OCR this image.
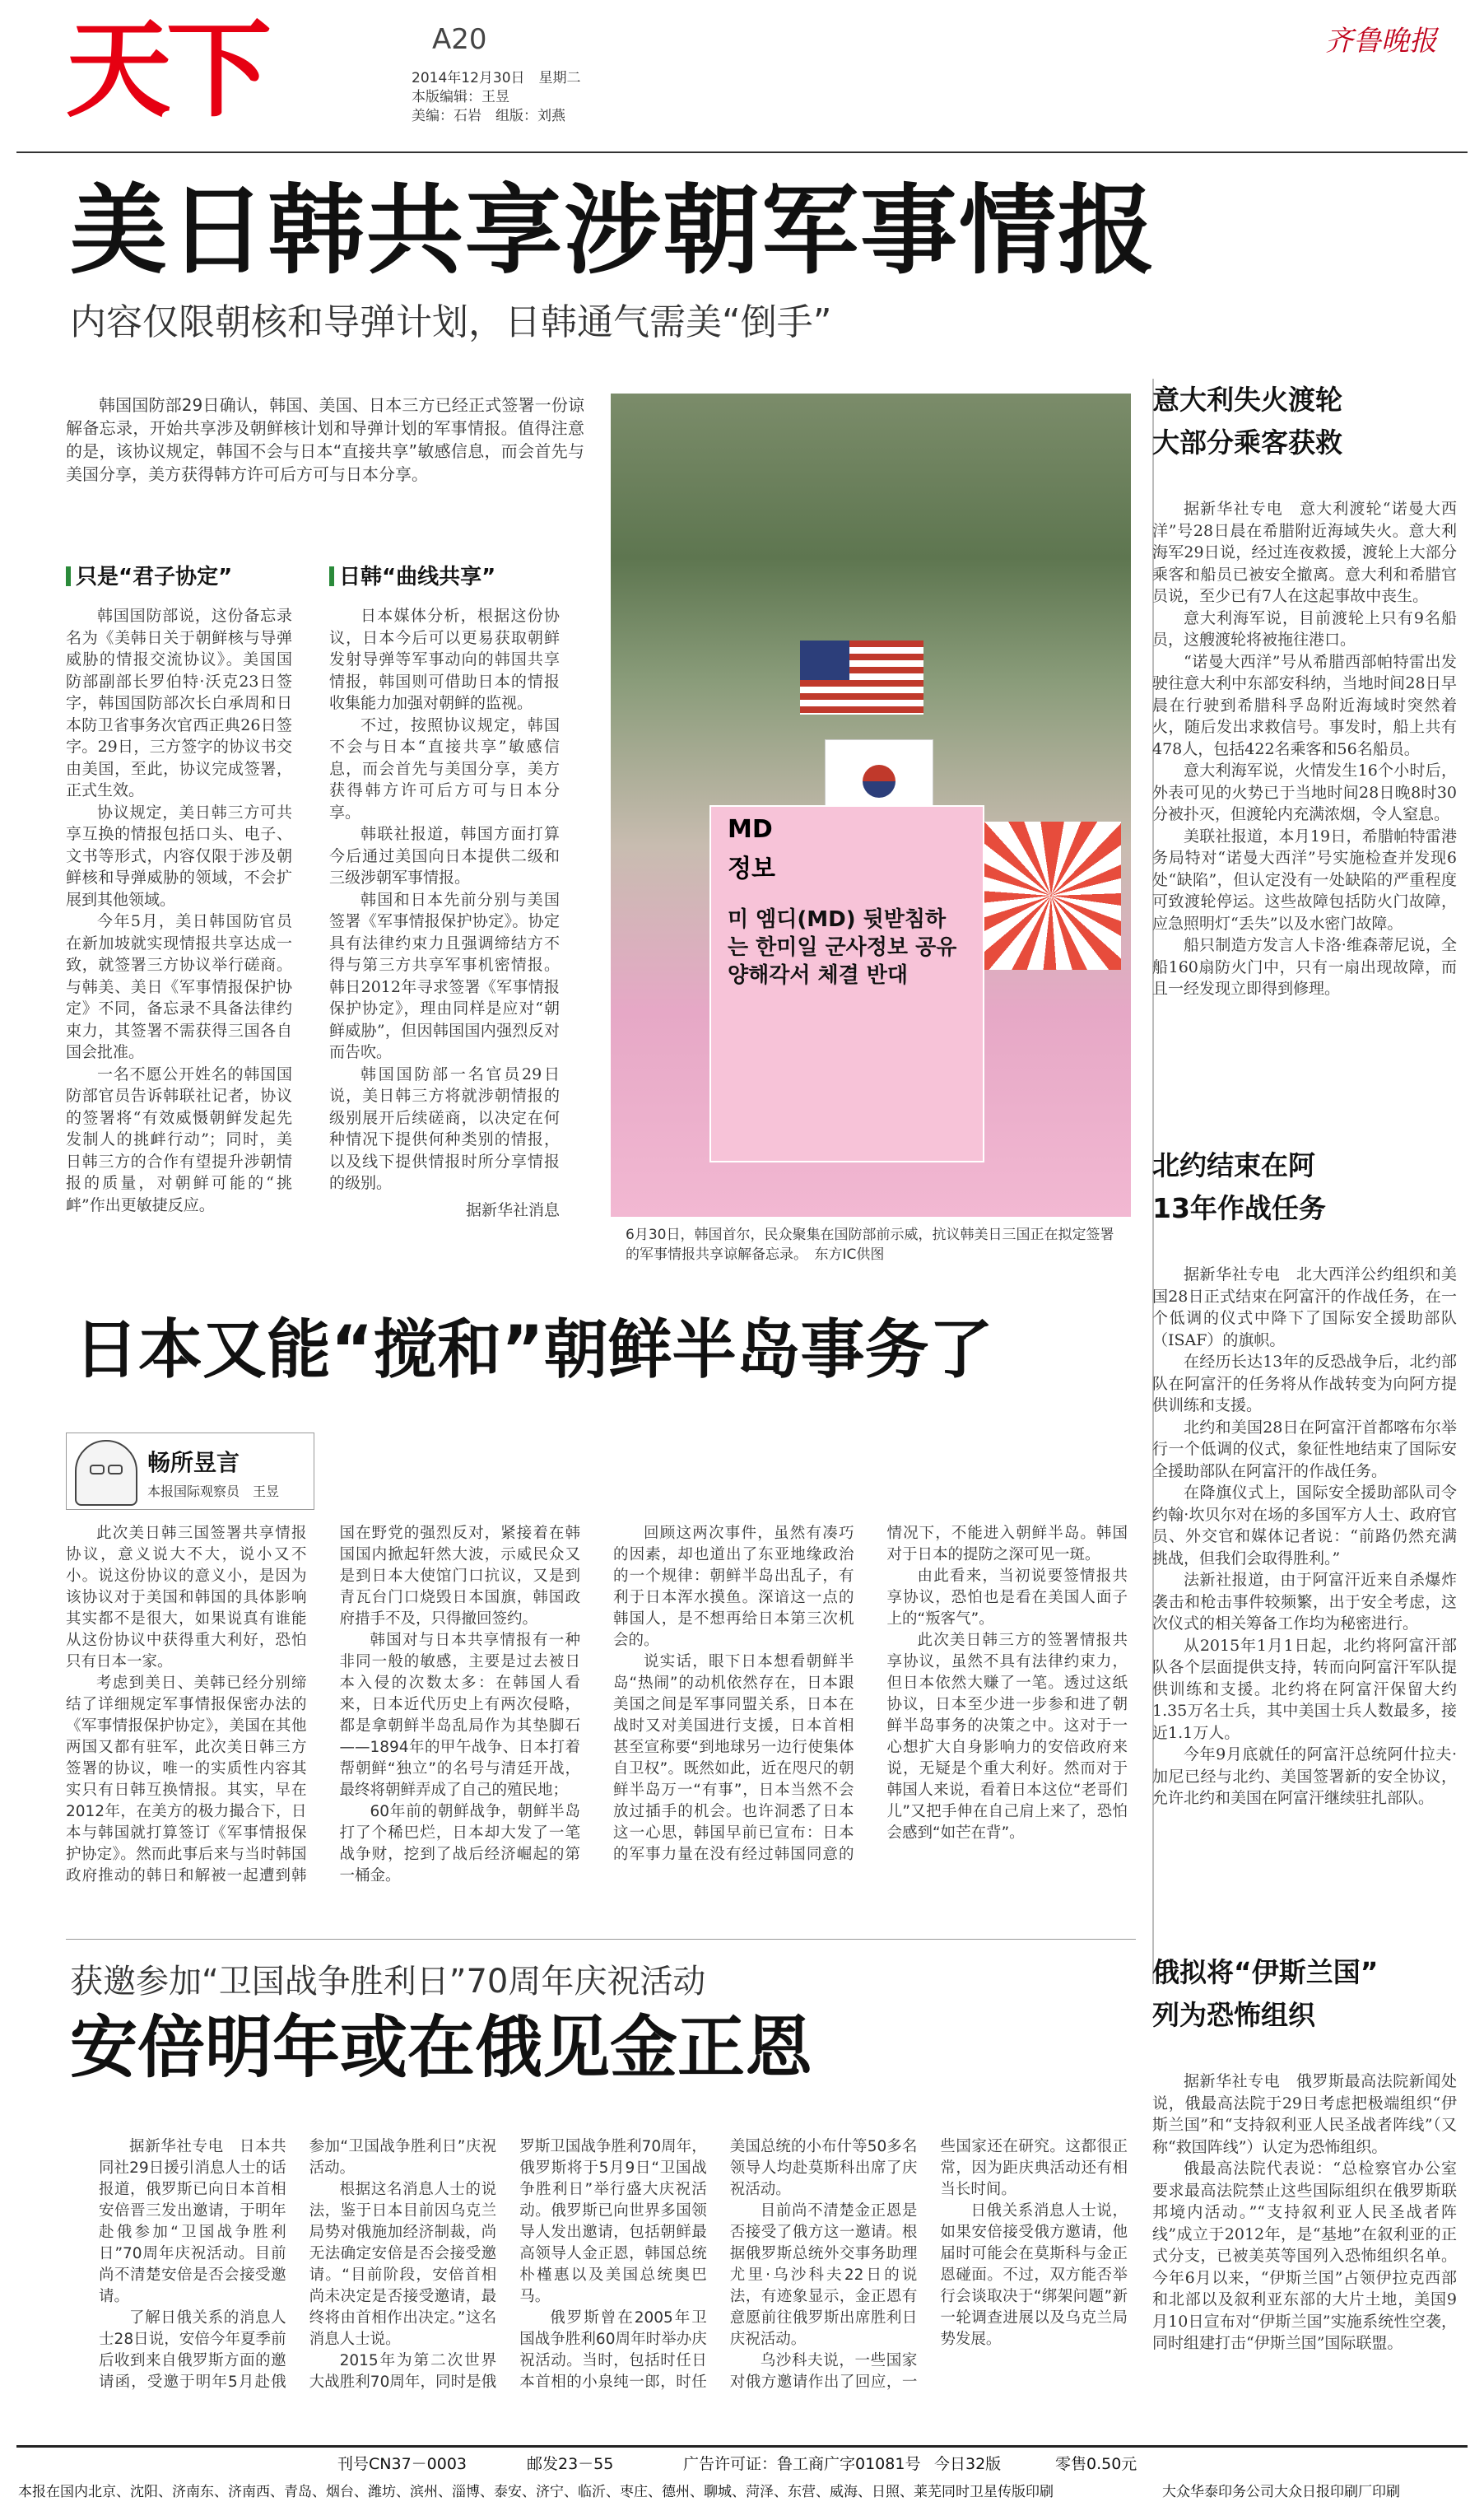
天下	A20
2014年12月30日　星期二
本版编辑：王昱
美编：石岩　组版：刘燕
齐鲁晚报
美日韩共享涉朝军事情报
内容仅限朝核和导弹计划，日韩通气需美“倒手”

韩国国防部29日确认，韩国、美国、日本三方已经正式签署一份谅解备忘录，开始共享涉及朝鲜核计划和导弹计划的军事情报。值得注意的是，该协议规定，韩国不会与日本“直接共享”敏感信息，而会首先与美国分享，美方获得韩方许可后方可与日本分享。

只是“君子协定”

韩国国防部说，这份备忘录名为《美韩日关于朝鲜核与导弹威胁的情报交流协议》。美国国防部副部长罗伯特·沃克23日签字，韩国国防部次长白承周和日本防卫省事务次官西正典26日签字。29日，三方签字的协议书交由美国，至此，协议完成签署，正式生效。

协议规定，美日韩三方可共享互换的情报包括口头、电子、文书等形式，内容仅限于涉及朝鲜核和导弹威胁的领域，不会扩展到其他领域。

今年5月，美日韩国防官员在新加坡就实现情报共享达成一致，就签署三方协议举行磋商。与韩美、美日《军事情报保护协定》不同，备忘录不具备法律约束力，其签署不需获得三国各自国会批准。

一名不愿公开姓名的韩国国防部官员告诉韩联社记者，协议的签署将“有效威慑朝鲜发起先发制人的挑衅行动”；同时，美日韩三方的合作有望提升涉朝情报的质量，对朝鲜可能的“挑衅”作出更敏捷反应。

日韩“曲线共享”

日本媒体分析，根据这份协议，日本今后可以更易获取朝鲜发射导弹等军事动向的韩国共享情报，韩国则可借助日本的情报收集能力加强对朝鲜的监视。

不过，按照协议规定，韩国不会与日本“直接共享”敏感信息，而会首先与美国分享，美方获得韩方许可后方可与日本分享。

韩联社报道，韩国方面打算今后通过美国向日本提供二级和三级涉朝军事情报。

韩国和日本先前分别与美国签署《军事情报保护协定》。协定具有法律约束力且强调缔结方不得与第三方共享军事机密情报。韩日2012年寻求签署《军事情报保护协定》，理由同样是应对“朝鲜威胁”，但因韩国国内强烈反对而告吹。

韩国国防部一名官员29日说，美日韩三方将就涉朝情报的级别展开后续磋商，以决定在何种情况下提供何种类别的情报，以及线下提供情报时所分享情报的级别。

据新华社消息
MD
정보
미 엠디(MD) 뒷받침하는 한미일 군사정보 공유 양해각서 체결 반대
6月30日，韩国首尔，民众聚集在国防部前示威，抗议韩美日三国正在拟定签署的军事情报共享谅解备忘录。　东方IC供图
意大利失火渡轮
大部分乘客获救

据新华社专电　意大利渡轮“诺曼大西洋”号28日晨在希腊附近海域失火。意大利海军29日说，经过连夜救援，渡轮上大部分乘客和船员已被安全撤离。意大利和希腊官员说，至少已有7人在这起事故中丧生。

意大利海军说，目前渡轮上只有9名船员，这艘渡轮将被拖往港口。

“诺曼大西洋”号从希腊西部帕特雷出发驶往意大利中东部安科纳，当地时间28日早晨在行驶到希腊科孚岛附近海域时突然着火，随后发出求救信号。事发时，船上共有478人，包括422名乘客和56名船员。

意大利海军说，火情发生16个小时后，外表可见的火势已于当地时间28日晚8时30分被扑灭，但渡轮内充满浓烟，令人窒息。

美联社报道，本月19日，希腊帕特雷港务局特对“诺曼大西洋”号实施检查并发现6处“缺陷”，但认定没有一处缺陷的严重程度可致渡轮停运。这些故障包括防火门故障，应急照明灯“丢失”以及水密门故障。

船只制造方发言人卡洛·维森蒂尼说，全船160扇防火门中，只有一扇出现故障，而且一经发现立即得到修理。

北约结束在阿
13年作战任务

据新华社专电　北大西洋公约组织和美国28日正式结束在阿富汗的作战任务，在一个低调的仪式中降下了国际安全援助部队（ISAF）的旗帜。

在经历长达13年的反恐战争后，北约部队在阿富汗的任务将从作战转变为向阿方提供训练和支援。

北约和美国28日在阿富汗首都喀布尔举行一个低调的仪式，象征性地结束了国际安全援助部队在阿富汗的作战任务。

在降旗仪式上，国际安全援助部队司令约翰·坎贝尔对在场的多国军方人士、政府官员、外交官和媒体记者说：“前路仍然充满挑战，但我们会取得胜利。”

法新社报道，由于阿富汗近来自杀爆炸袭击和枪击事件较频繁，出于安全考虑，这次仪式的相关筹备工作均为秘密进行。

从2015年1月1日起，北约将阿富汗部队各个层面提供支持，转而向阿富汗军队提供训练和支援。北约将在阿富汗保留大约1.35万名士兵，其中美国士兵人数最多，接近1.1万人。

今年9月底就任的阿富汗总统阿什拉夫·加尼已经与北约、美国签署新的安全协议，允许北约和美国在阿富汗继续驻扎部队。

俄拟将“伊斯兰国”
列为恐怖组织

据新华社专电　俄罗斯最高法院新闻处说，俄最高法院于29日考虑把极端组织“伊斯兰国”和“支持叙利亚人民圣战者阵线”（又称“救国阵线”）认定为恐怖组织。

俄最高法院代表说：“总检察官办公室要求最高法院禁止这些国际组织在俄罗斯联邦境内活动。”“支持叙利亚人民圣战者阵线”成立于2012年，是“基地”在叙利亚的正式分支，已被美英等国列入恐怖组织名单。今年6月以来，“伊斯兰国”占领伊拉克西部和北部以及叙利亚东部的大片土地，美国9月10日宣布对“伊斯兰国”实施系统性空袭，同时组建打击“伊斯兰国”国际联盟。

日本又能“搅和”朝鲜半岛事务了
畅所昱言
本报国际观察员　王昱

此次美日韩三国签署共享情报协议，意义说大不大，说小又不小。说这份协议的意义小，是因为该协议对于美国和韩国的具体影响其实都不是很大，如果说真有谁能从这份协议中获得重大利好，恐怕只有日本一家。

考虑到美日、美韩已经分别缔结了详细规定军事情报保密办法的《军事情报保护协定》，美国在其他两国又都有驻军，此次美日韩三方签署的协议，唯一的实质性内容其实只有日韩互换情报。其实，早在2012年，在美方的极力撮合下，日本与韩国就打算签订《军事情报保护协定》。然而此事后来与当时韩国政府推动的韩日和解被一起遭到韩国在野党的强烈反对，紧接着在韩国国内掀起轩然大波，示威民众又是到日本大使馆门口抗议，又是到青瓦台门口烧毁日本国旗，韩国政府措手不及，只得撤回签约。

韩国对与日本共享情报有一种非同一般的敏感，主要是过去被日本入侵的次数太多：在韩国人看来，日本近代历史上有两次侵略，都是拿朝鲜半岛乱局作为其垫脚石——1894年的甲午战争、日本打着帮朝鲜“独立”的名号与清廷开战，最终将朝鲜弄成了自己的殖民地；

60年前的朝鲜战争，朝鲜半岛打了个稀巴烂，日本却大发了一笔战争财，挖到了战后经济崛起的第一桶金。

回顾这两次事件，虽然有凑巧的因素，却也道出了东亚地缘政治的一个规律：朝鲜半岛出乱子，有利于日本浑水摸鱼。深谙这一点的韩国人，是不想再给日本第三次机会的。

说实话，眼下日本想看朝鲜半岛“热闹”的动机依然存在，日本跟美国之间是军事同盟关系，日本在战时又对美国进行支援，日本首相甚至宣称要“到地球另一边行使集体自卫权”。既然如此，近在咫尺的朝鲜半岛万一“有事”，日本当然不会放过插手的机会。也许洞悉了日本这一心思，韩国早前已宣布：日本的军事力量在没有经过韩国同意的情况下，不能进入朝鲜半岛。韩国对于日本的提防之深可见一斑。

由此看来，当初说要签情报共享协议，恐怕也是看在美国人面子上的“叛客气”。

此次美日韩三方的签署情报共享协议，虽然不具有法律约束力，但日本依然大赚了一笔。透过这纸协议，日本至少进一步参和进了朝鲜半岛事务的决策之中。这对于一心想扩大自身影响力的安倍政府来说，无疑是个重大利好。然而对于韩国人来说，看着日本这位“老哥们儿”又把手伸在自己肩上来了，恐怕会感到“如芒在背”。

获邀参加“卫国战争胜利日”70周年庆祝活动
安倍明年或在俄见金正恩

据新华社专电　日本共同社29日援引消息人士的话报道，俄罗斯已向日本首相安倍晋三发出邀请，于明年赴俄参加“卫国战争胜利日”70周年庆祝活动。目前尚不清楚安倍是否会接受邀请。

了解日俄关系的消息人士28日说，安倍今年夏季前后收到来自俄罗斯方面的邀请函，受邀于明年5月赴俄参加“卫国战争胜利日”庆祝活动。

根据这名消息人士的说法，鉴于日本目前因乌克兰局势对俄施加经济制裁，尚无法确定安倍是否会接受邀请。“目前阶段，安倍首相尚未决定是否接受邀请，最终将由首相作出决定。”这名消息人士说。

2015年为第二次世界大战胜利70周年，同时是俄罗斯卫国战争胜利70周年，俄罗斯将于5月9日“卫国战争胜利日”举行盛大庆祝活动。俄罗斯已向世界多国领导人发出邀请，包括朝鲜最高领导人金正恩，韩国总统朴槿惠以及美国总统奥巴马。

俄罗斯曾在2005年卫国战争胜利60周年时举办庆祝活动。当时，包括时任日本首相的小泉纯一郎，时任美国总统的小布什等50多名领导人均赴莫斯科出席了庆祝活动。

目前尚不清楚金正恩是否接受了俄方这一邀请。根据俄罗斯总统外交事务助理尤里·乌沙科夫22日的说法，有迹象显示，金正恩有意愿前往俄罗斯出席胜利日庆祝活动。

乌沙科夫说，一些国家对俄方邀请作出了回应，一些国家还在研究。这都很正常，因为距庆典活动还有相当长时间。

日俄关系消息人士说，如果安倍接受俄方邀请，他届时可能会在莫斯科与金正恩碰面。不过，双方能否举行会谈取决于“绑架问题”新一轮调查进展以及乌克兰局势发展。

刊号CN37－0003	邮发23－55	广告许可证：鲁工商广字01081号 今日32版	零售0.50元
本报在国内北京、沈阳、济南东、济南西、青岛、烟台、潍坊、滨州、淄博、泰安、济宁、临沂、枣庄、德州、聊城、菏泽、东营、威海、日照、莱芜同时卫星传版印刷	大众华泰印务公司大众日报印刷厂印刷
